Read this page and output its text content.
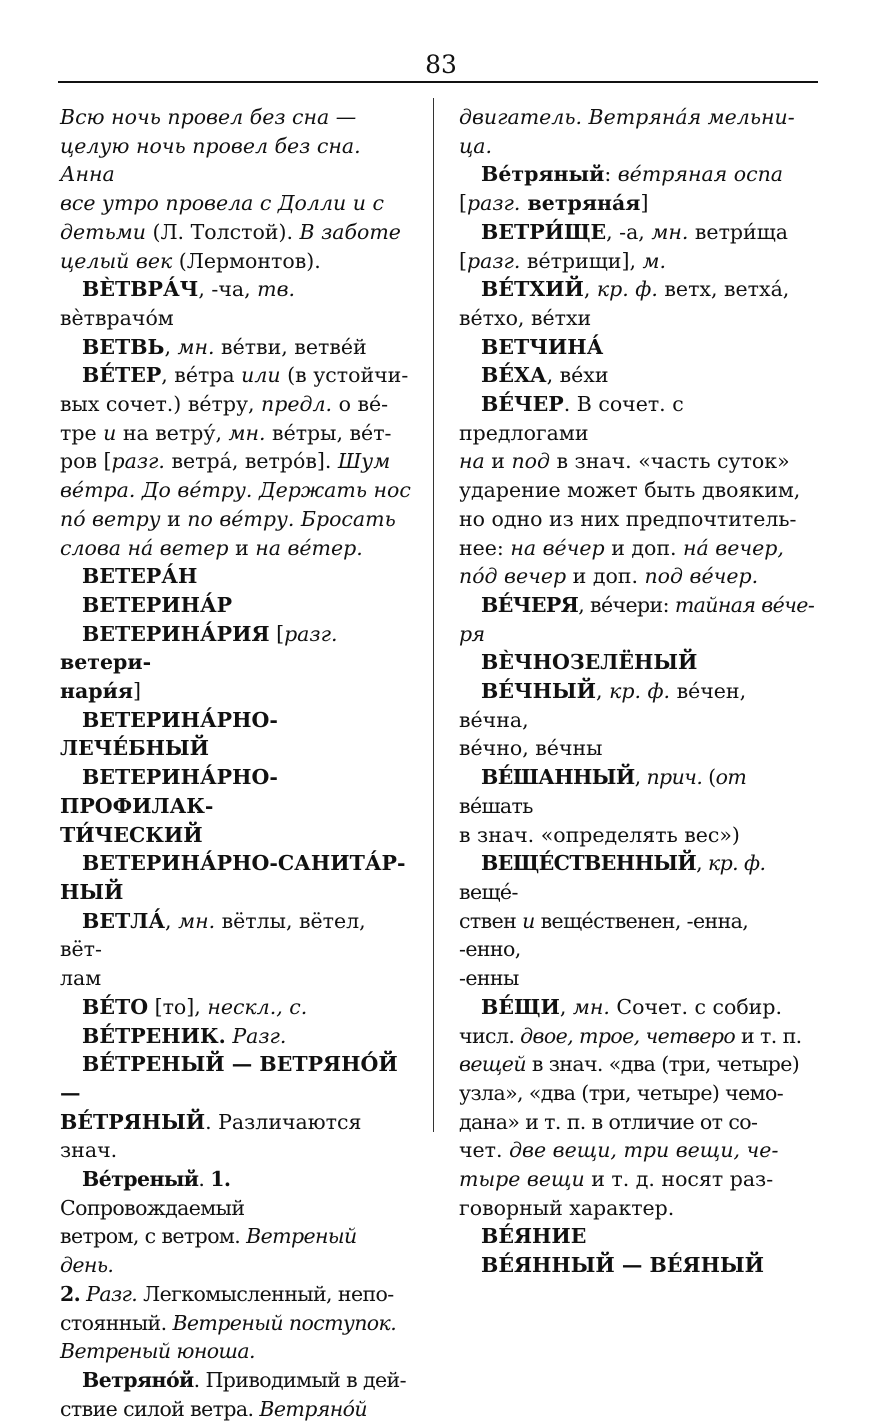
83

Всю ночь провел без сна —
целую ночь провел без сна. Анна
все утро провела с Долли и с
детьми (Л. Толстой). В заботе
целый век (Лермонтов).

ВЀТВРА́Ч, -ча, тв. вѐтврачо́м

ВЕТВЬ, мн. ве́тви, ветве́й

ВЕ́ТЕР, ве́тра или (в устойчи-
вых сочет.) ве́тру, предл. о ве́-
тре и на ветру́, мн. ве́тры, ве́т-
ров [разг. ветра́, ветро́в]. Шум
ве́тра. До ве́тру. Держать нос
по́ ветру и по ве́тру. Бросать
слова на́ ветер и на ве́тер.

ВЕТЕРА́Н

ВЕТЕРИНА́Р

ВЕТЕРИНА́РИЯ [разг. ветери-
нари́я]

ВЕТЕРИНА́РНО-ЛЕЧЕ́БНЫЙ

ВЕТЕРИНА́РНО-ПРОФИЛАК-
ТИ́ЧЕСКИЙ

ВЕТЕРИНА́РНО-САНИТА́Р-
НЫЙ

ВЕТЛА́, мн. вётлы, вётел, вёт-
лам

ВЕ́ТО [то], нескл., с.

ВЕ́ТРЕНИК. Разг.

ВЕ́ТРЕНЫЙ — ВЕТРЯНО́Й —
ВЕ́ТРЯНЫЙ. Различаются знач.

Ве́треный. 1. Сопровождаемый
ветром, с ветром. Ветреный день.
2. Разг. Легкомысленный, непо-
стоянный. Ветреный поступок.
Ветреный юноша.

Ветряно́й. Приводимый в дей-
ствие силой ветра. Ветряно́й

двигатель. Ветряна́я мельни-
ца.

Ве́тряный: ве́тряная оспа
[разг. ветряна́я]

ВЕТРИ́ЩЕ, -а, мн. ветри́ща
[разг. ве́трищи], м.

ВЕ́ТХИЙ, кр. ф. ветх, ветха́,
ве́тхо, ве́тхи

ВЕТЧИНА́

ВЕ́ХА, ве́хи

ВЕ́ЧЕР. В сочет. с предлогами
на и под в знач. «часть суток»
ударение может быть двояким,
но одно из них предпочтитель-
нее: на ве́чер и доп. на́ вечер,
по́д вечер и доп. под ве́чер.

ВЕ́ЧЕРЯ, ве́чери: тайная ве́че-
ря

ВЀЧНОЗЕЛЁНЫЙ

ВЕ́ЧНЫЙ, кр. ф. ве́чен, ве́чна,
ве́чно, ве́чны

ВЕ́ШАННЫЙ, прич. (от ве́шать
в знач. «определять вес»)

ВЕЩЕ́СТВЕННЫЙ, кр. ф. веще́-
ствен и веще́ственен, -енна, -енно,
-енны

ВЕ́ЩИ, мн. Сочет. с собир.
числ. двое, трое, четверо и т. п.
вещей в знач. «два (три, четыре)
узла», «два (три, четыре) чемо-
дана» и т. п. в отличие от со-
чет. две вещи, три вещи, че-
тыре вещи и т. д. носят раз-
говорный характер.

ВЕ́ЯНИЕ

ВЕ́ЯННЫЙ — ВЕ́ЯНЫЙ
